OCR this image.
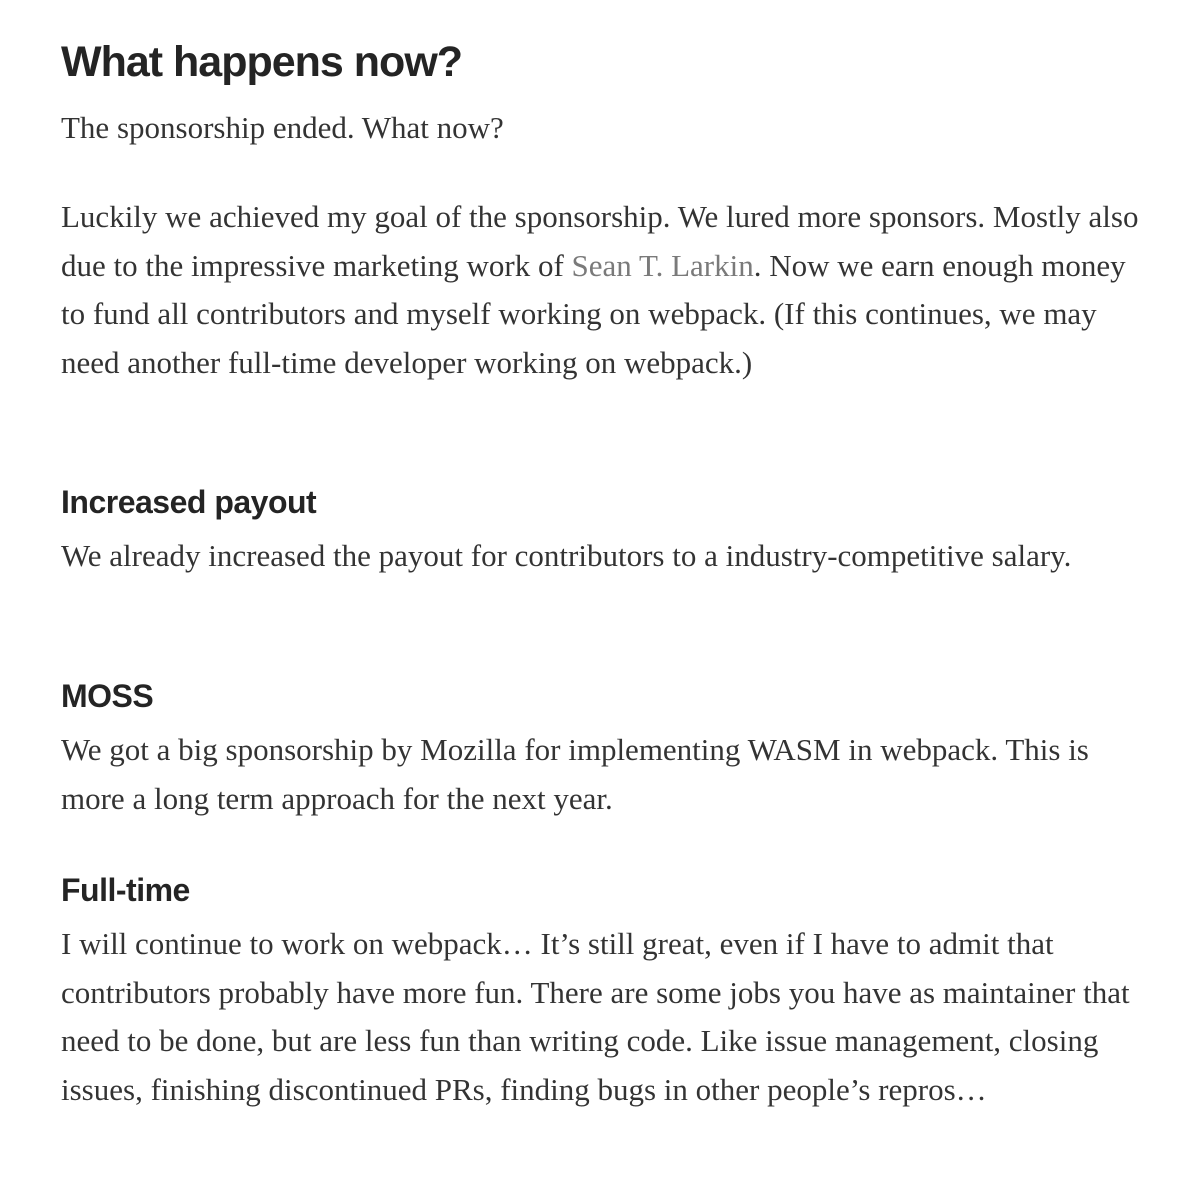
What happens now?

The sponsorship ended. What now?

Luckily we achieved my goal of the sponsorship. We lured more sponsors. Mostly also due to the impressive marketing work of Sean T. Larkin. Now we earn enough money to fund all contributors and myself working on webpack. (If this continues, we may need another full-time developer working on webpack.)

Increased payout

We already increased the payout for contributors to a industry-competitive salary.

MOSS

We got a big sponsorship by Mozilla for implementing WASM in webpack. This is more a long term approach for the next year.

Full-time

I will continue to work on webpack… It’s still great, even if I have to admit that contributors probably have more fun. There are some jobs you have as maintainer that need to be done, but are less fun than writing code. Like issue management, closing issues, finishing discontinued PRs, finding bugs in other people’s repros…
